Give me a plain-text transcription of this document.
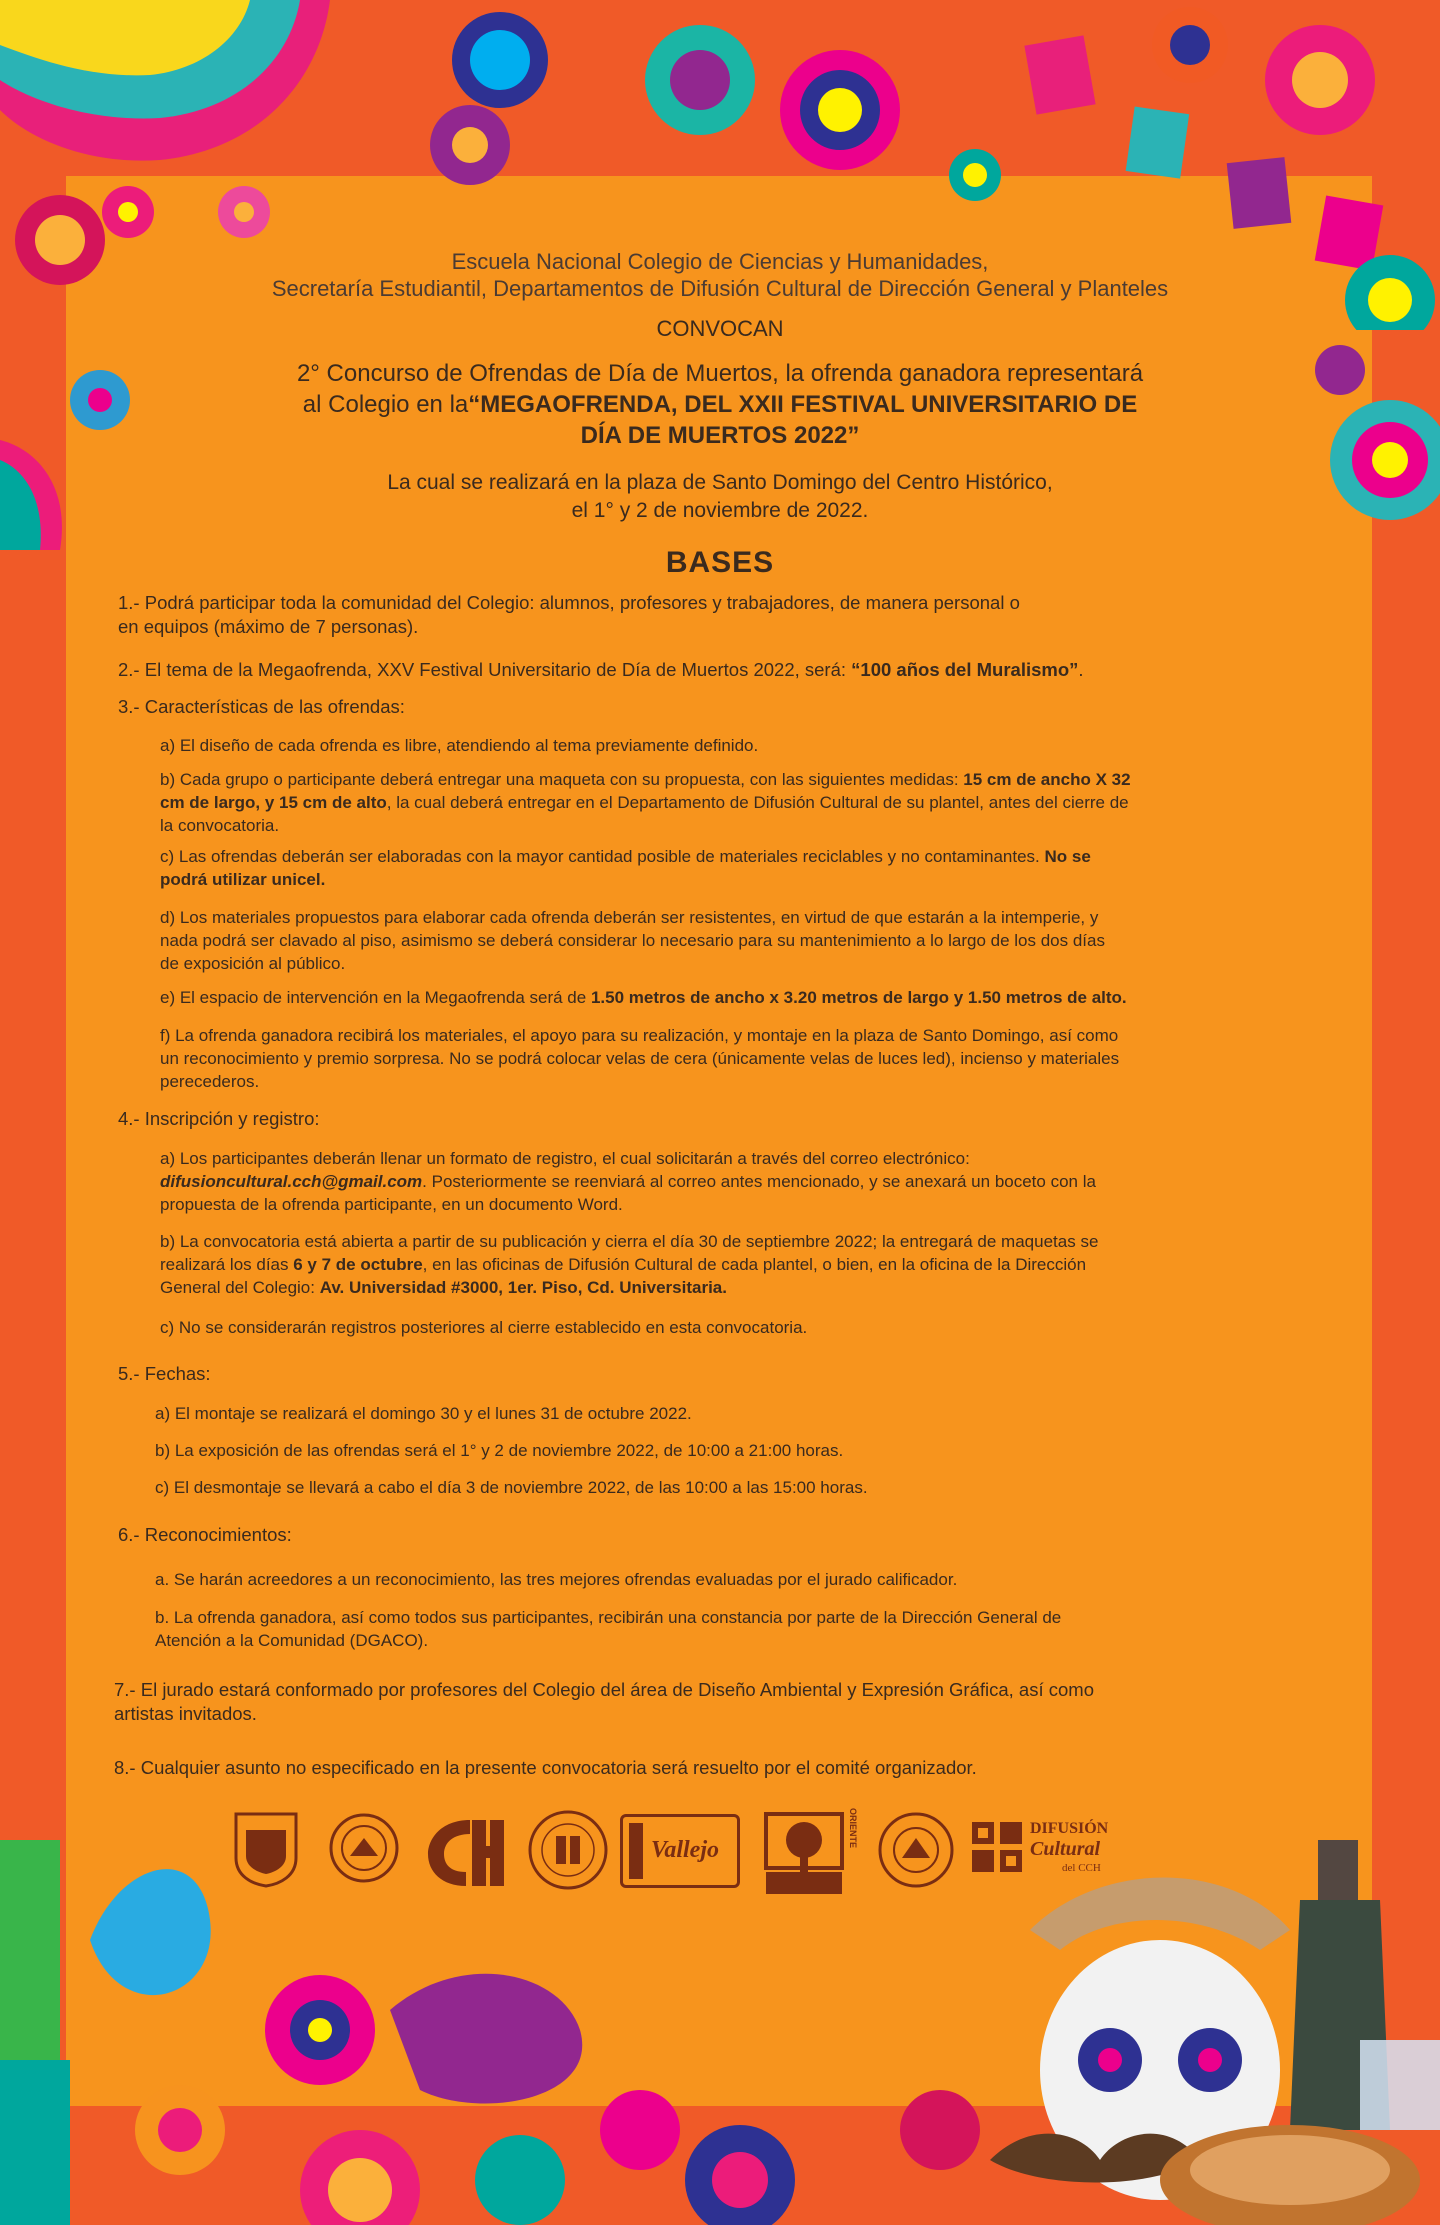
Escuela Nacional Colegio de Ciencias y Humanidades,
Secretaría Estudiantil, Departamentos de Difusión Cultural de Dirección General y Planteles
CONVOCAN
2° Concurso de Ofrendas de Día de Muertos, la ofrenda ganadora representará
al Colegio en la“MEGAOFRENDA, DEL XXII FESTIVAL UNIVERSITARIO DE
DÍA DE MUERTOS 2022”
La cual se realizará en la plaza de Santo Domingo del Centro Histórico,
el 1° y 2 de noviembre de 2022.
BASES
1.- Podrá participar toda la comunidad del Colegio: alumnos, profesores y trabajadores, de manera personal o
en equipos (máximo de 7 personas).
2.- El tema de la Megaofrenda, XXV Festival Universitario de Día de Muertos 2022, será: “100 años del Muralismo”.
3.- Características de las ofrendas:
a) El diseño de cada ofrenda es libre, atendiendo al tema previamente definido.
b) Cada grupo o participante deberá entregar una maqueta con su propuesta, con las siguientes medidas: 15 cm de ancho X 32
cm de largo, y 15 cm de alto, la cual deberá entregar en el Departamento de Difusión Cultural de su plantel, antes del cierre de
la convocatoria.
c) Las ofrendas deberán ser elaboradas con la mayor cantidad posible de materiales reciclables y no contaminantes. No se
podrá utilizar unicel.
d) Los materiales propuestos para elaborar cada ofrenda deberán ser resistentes, en virtud de que estarán a la intemperie, y
nada podrá ser clavado al piso, asimismo se deberá considerar lo necesario para su mantenimiento a lo largo de los dos días
de exposición al público.
e) El espacio de intervención en la Megaofrenda será de 1.50 metros de ancho x 3.20 metros de largo y 1.50 metros de alto.
f) La ofrenda ganadora recibirá los materiales, el apoyo para su realización, y montaje en la plaza de Santo Domingo, así como
un reconocimiento y premio sorpresa. No se podrá colocar velas de cera (únicamente velas de luces led), incienso y materiales
perecederos.
4.- Inscripción y registro:
a) Los participantes deberán llenar un formato de registro, el cual solicitarán a través del correo electrónico:
difusioncultural.cch@gmail.com. Posteriormente se reenviará al correo antes mencionado, y se anexará un boceto con la
propuesta de la ofrenda participante, en un documento Word.
b) La convocatoria está abierta a partir de su publicación y cierra el día 30 de septiembre 2022; la entregará de maquetas se
realizará los días 6 y 7 de octubre, en las oficinas de Difusión Cultural de cada plantel, o bien, en la oficina de la Dirección
General del Colegio: Av. Universidad #3000, 1er. Piso, Cd. Universitaria.
c) No se considerarán registros posteriores al cierre establecido en esta convocatoria.
5.- Fechas:
a) El montaje se realizará el domingo 30 y el lunes 31 de octubre 2022.
b) La exposición de las ofrendas será el 1° y 2 de noviembre 2022, de 10:00 a 21:00 horas.
c) El desmontaje se llevará a cabo el día 3 de noviembre 2022, de las 10:00 a las 15:00 horas.
6.- Reconocimientos:
a. Se harán acreedores a un reconocimiento, las tres mejores ofrendas evaluadas por el jurado calificador.
b. La ofrenda ganadora, así como todos sus participantes, recibirán una constancia por parte de la Dirección General de
Atención a la Comunidad (DGACO).
7.- El jurado estará conformado por profesores del Colegio del área de Diseño Ambiental y Expresión Gráfica, así como
artistas invitados.
8.- Cualquier asunto no especificado en la presente convocatoria será resuelto por el comité organizador.
Vallejo
ORIENTE	DIFUSIÓN
Cultural
del CCH
